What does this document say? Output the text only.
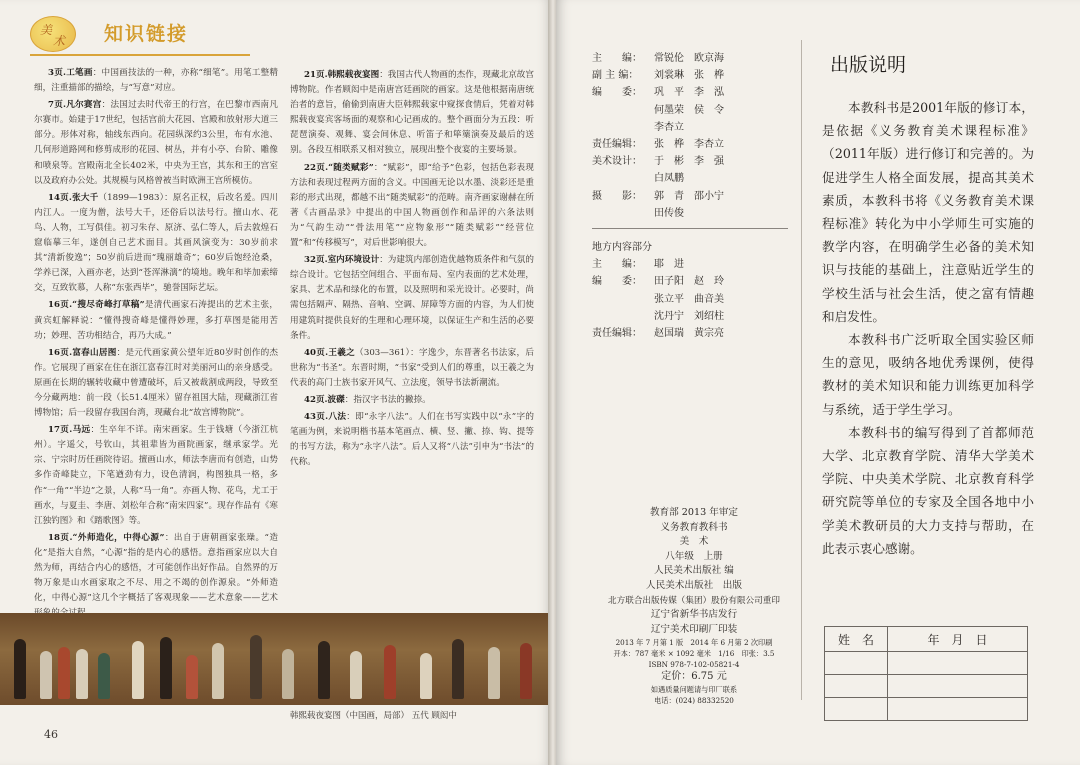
美
术 知识链接

3页.工笔画：中国画技法的一种，亦称“细笔”。用笔工整精细，注重描部的描绘，与“写意”对应。

7页.凡尔赛宫：法国过去时代帝王的行宫，在巴黎市西南凡尔赛市。始建于17世纪，包括宫前大花园、宫殿和放射形大道三部分。形体对称，轴线东西向。花园纵深约3公里，布有水池、几何形道路网和修剪成形的花园、树丛，并有小亭、台阶、雕像和喷泉等。宫殿南北全长402米，中央为王宫，其东和王的宫室以及政府办公处。其规模与风格曾被当时欧洲王宫所模仿。

14页.张大千（1899—1983）：原名正权，后改名爰。四川内江人。一度为僧，法号大千，还俗后以法号行。擅山水、花鸟、人物，工写俱佳。初习朱存、原济、弘仁等人，后去敦煌石窟临摹三年，遂创自己艺术面目。其画风演变为：30岁前求其“清新俊逸”；50岁前后进而“瑰丽雄奇”；60岁后饱经沧桑，学养已深，入画亦老，达到“苍浑淋漓”的境地。晚年和毕加索缔交，互致钦慕，人称“东张西毕”，驰誉国际艺坛。

16页.“搜尽奇峰打草稿”是清代画家石涛提出的艺术主张，黄宾虹解释说：“懂得搜奇峰是懂得妙理，多打草图是能用苦功；妙理、苦功相结合，再乃大成。”

16页.富春山居图：是元代画家黄公望年近80岁时创作的杰作。它展现了画家在住在浙江富春江时对美丽河山的亲身感受。原画在长期的辗转收藏中曾遭破坏，后又被裁割成两段，导致至今分藏两地：前一段（长51.4厘米）留存祖国大陆，现藏浙江省博物馆；后一段留存我国台湾，现藏台北“故宫博物院”。

17页.马远：生卒年不详。南宋画家。生于钱塘（今浙江杭州）。字遥父，号钦山，其祖辈皆为画院画家，继承家学。光宗、宁宗时历任画院待诏。擅画山水，师法李唐而有创造，山势多作奇峰陡立，下笔遒劲有力，设色清润，构图独具一格，多作“一角”“半边”之景，人称“马一角”。亦画人物、花鸟，尤工于画水，与夏圭、李唐、刘松年合称“南宋四家”。现存作品有《寒江独钓图》和《踏歌图》等。

18页.“外师造化，中得心源”：出自于唐朝画家张璪。“造化”是指大自然，“心源”指的是内心的感悟。意指画家应以大自然为师，再结合内心的感悟，才可能创作出好作品。自然界的万物万象是山水画家取之不尽、用之不竭的创作源泉。“外师造化，中得心源”这几个字概括了客观现象——艺术意象——艺术

21页.韩熙载夜宴图：我国古代人物画的杰作，现藏北京故宫博物院。作者顾闳中是南唐宫廷画院的画家。这是他根据南唐统治者的意旨，偷偷到南唐大臣韩熙载家中窥探食情后，凭着对韩熙载夜宴宾客场面的观察和心记画成的。整个画面分为五段：听琵琶演奏、观舞、宴会间休息、听笛子和筚篥演奏及最后的送别。各段互相联系又相对独立，展现出整个夜宴的主要场景。

22页.“随类赋彩”：“赋彩”，即“给予”色彩，包括色彩表现方法和表现过程两方面的含义。中国画无论以水墨、淡彩还是重彩的形式出现，都越不出“随类赋彩”的范畴。南齐画家谢赫在所著《古画品录》中提出的中国人物画创作和品评的六条法则为“气韵生动”“骨法用笔”“应物象形”“随类赋彩”“经营位置”和“传移模写”，对后世影响很大。

32页.室内环境设计：为建筑内部创造优越物质条件和气氛的综合设计。它包括空间组合、平面布局、室内表面的艺术处理，家具、艺术品和绿化的布置，以及照明和采光设计。必要时，尚需包括隔声、隔热、音响、空调、屏障等方面的内容，为人们使用建筑时提供良好的生理和心理环境，以保证生产和生活的必要条件。

40页.王羲之（303—361）：字逸少，东晋著名书法家，后世称为“书圣”。东晋时期，“书家”受到人们的尊重，以王羲之为代表的高门士族书家开风气、立法度，领导书法新潮流。

42页.波磔：指汉字书法的撇捺。

43页.八法：即“永字八法”。人们在书写实践中以“永”字的笔画为例，来说明楷书基本笔画点、横、竖、撇、捺、钩、提等的书写方法，称为“永字八法”。后人又将“八法”引申为“书法”的代称。

韩熙载夜宴图（中国画，局部） 五代 顾闳中
46
主　　编：	常锐伦　欧京海
副 主 编：	刘裳琳　张　桦
编　　委：	巩　平　李　泓
何墨荣　侯　令
李杏立
责任编辑：	张　桦　李杏立
美术设计：	于　彬　李　强
白凤鹏
摄　　影：	郭　青　邵小宁
田传俊
地方内容部分
主　　编：	耶　进
编　　委：	田子阳　赵　玲
张立平　曲音美
沈丹宁　刘绍柱
责任编辑：	赵国瑞　黄宗亮
教育部 2013 年审定
义务教育教科书
美　术
八年级　上册
人民美术出版社 编
人民美术出版社　出版
北方联合出版传媒（集团）股份有限公司重印
辽宁省新华书店发行
辽宁美术印刷厂印装
2013 年 7 月第 1 版　2014 年 6 月第 2 次印刷
开本：787 毫米 × 1092 毫米　1/16　印张：3.5
ISBN 978-7-102-05821-4
定价：6.75 元
如遇质量问题请与印厂联系
电话：(024) 88332520
出版说明

本教科书是2001年版的修订本，是依据《义务教育美术课程标准》（2011年版）进行修订和完善的。为促进学生人格全面发展，提高其美术素质，本教科书将《义务教育美术课程标准》转化为中小学师生可实施的教学内容，在明确学生必备的美术知识与技能的基础上，注意贴近学生的学校生活与社会生活，使之富有情趣和启发性。

本教科书广泛听取全国实验区师生的意见，吸纳各地优秀课例，使得教材的美术知识和能力训练更加科学与系统，适于学生学习。

本教科书的编写得到了首都师范大学、北京教育学院、清华大学美术学院、中央美术学院、北京教育科学研究院等单位的专家及全国各地中小学美术教研员的大力支持与帮助，在此表示衷心感谢。

姓　名	年　月　日
